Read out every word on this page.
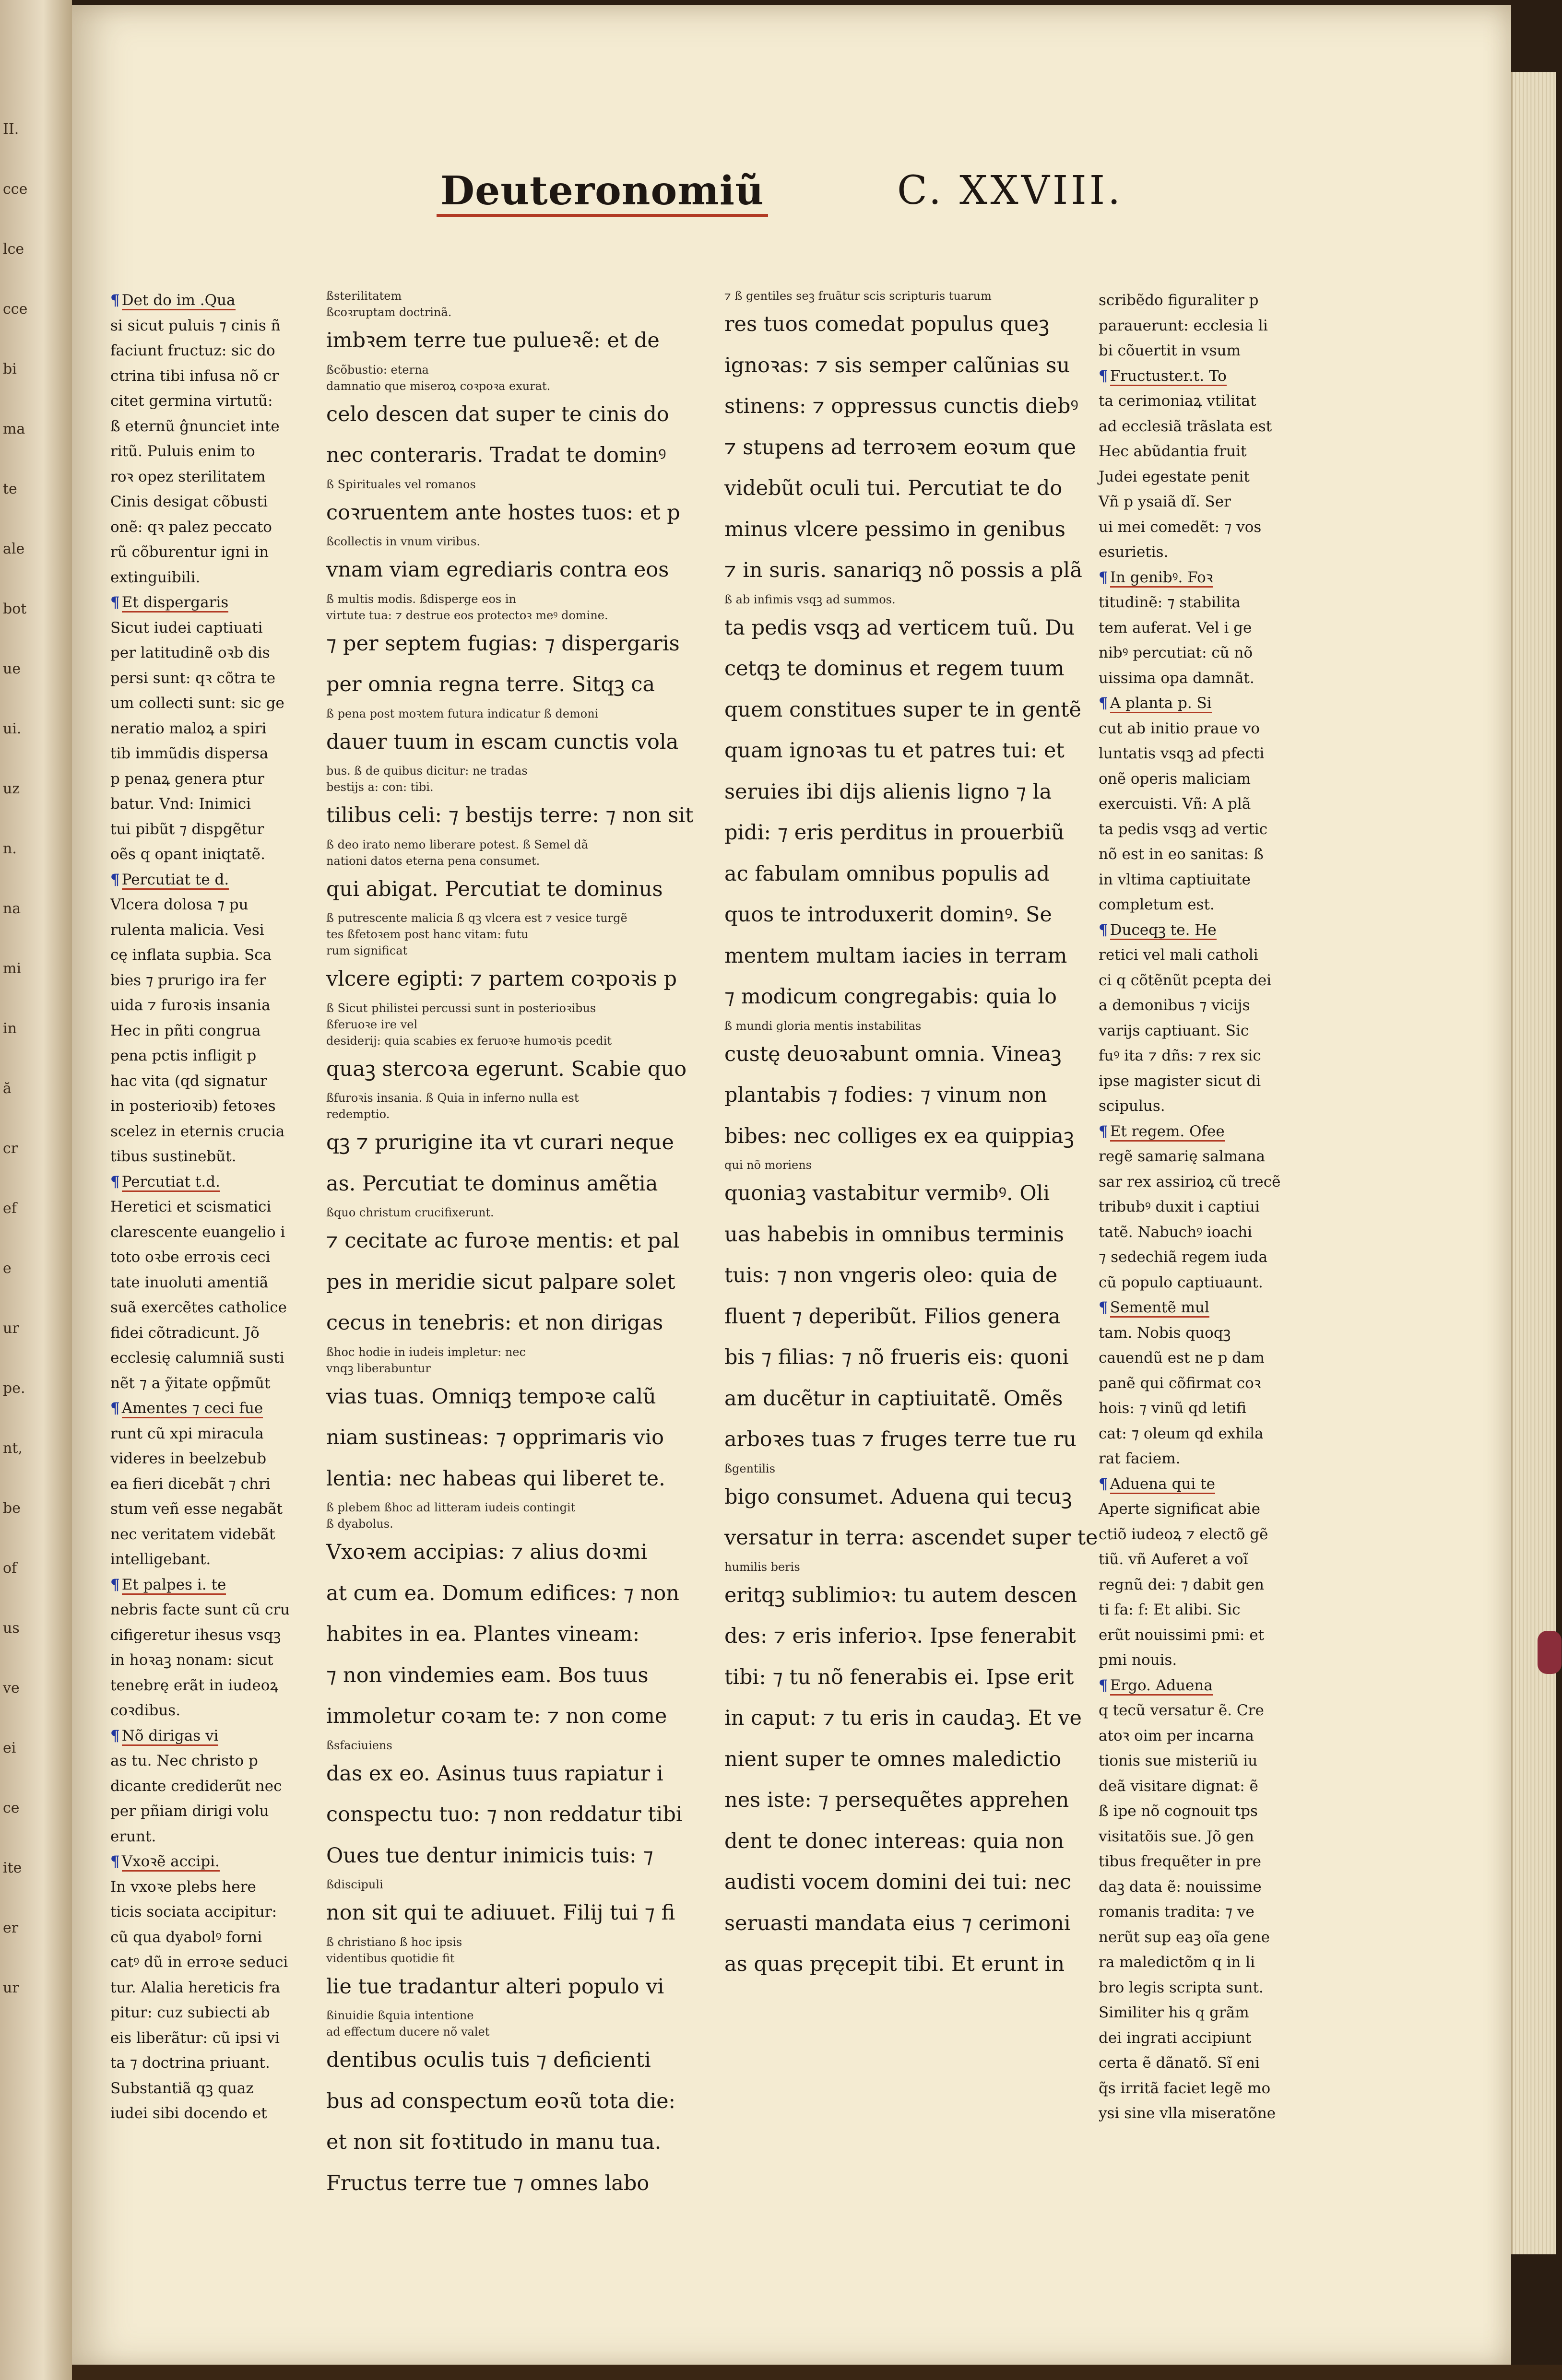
II.
cce
lce
cce
bi
ma
te
ale
bot
ue
ui.
uz
n.
na
mi
in
ă
cr
ef
e
ur
pe.
nt,
be
of
us
ve
ei
ce
ite
er
ur
Deuteronomiũ	C. XXVIII.
¶ Det do im .Qua
si sicut puluis ⁊ cinis ñ
faciunt fructuz: sic do
ctrina tibi infusa nõ cr
citet germina virtutũ:
ß eternũ ĝnunciet inte
ritũ. Puluis enim to
roꝛ opez sterilitatem
Cinis desigat cõbusti
onẽ: qꝛ palez peccato
rũ cõburentur igni in
extinguibili.
¶ Et dispergaris
Sicut iudei captiuati
per latitudinẽ oꝛb dis
persi sunt: qꝛ cõtra te
um collecti sunt: sic ge
neratio maloꝝ a spiri
tib immũdis dispersa
p penaꝝ genera ptur
batur. Vnd: Inimici
tui pibũt ⁊ dispgẽtur
oẽs q opant iniqtatẽ.
¶ Percutiat te d.
Vlcera dolosa ⁊ pu
rulenta malicia. Vesi
cę inflata supbia. Sca
bies ⁊ prurigo ira fer
uida ⁊ furoꝛis insania
Hec in pñti congrua
pena pctis infligit p
hac vita (qd signatur
in posterioꝛib) fetoꝛes
scelez in eternis crucia
tibus sustinebũt.
¶ Percutiat t.d.
Heretici et scismatici
clarescente euangelio i
toto oꝛbe erroꝛis ceci
tate inuoluti amentiã
suã exercẽtes catholice
fidei cõtradicunt. Jõ
ecclesię calumniã susti
nẽt ⁊ a ỹitate opp̃mũt
¶ Amentes ⁊ ceci fue
runt cũ xpi miracula
videres in beelzebub
ea fieri dicebãt ⁊ chri
stum veñ esse negabãt
nec veritatem videbãt
intelligebant.
¶ Et palpes i. te
nebris facte sunt cũ cru
cifigeretur ihesus vsqꝫ
in hoꝛaꝫ nonam: sicut
tenebrę erãt in iudeoꝝ
coꝛdibus.
¶ Nõ dirigas vi
as tu. Nec christo p
dicante crediderũt nec
per pñiam dirigi volu
erunt.
¶ Vxoꝛẽ accipi.
In vxoꝛe plebs here
ticis sociata accipitur:
cũ qua dyabolꝰ forni
catꝰ dũ in erroꝛe seduci
tur. Alalia hereticis fra
pitur: cuz subiecti ab
eis liberãtur: cũ ipsi vi
ta ⁊ doctrina priuant.
Substantiã qꝫ quaz
iudei sibi docendo et
ßsterilitatem
ßcoꝛruptam doctrinã.
imbꝛem terre tue pulueꝛẽ: et de
ßcõbustio: eterna
damnatio que miseroꝝ coꝛpoꝛa exurat.
celo descen dat super te cinis do
nec conteraris. Tradat te dominꝰ
ß Spirituales vel romanos
coꝛruentem ante hostes tuos: et p
ßcollectis in vnum viribus.
vnam viam egrediaris contra eos
ß multis modis. ßdisperge eos in
virtute tua: ⁊ destrue eos protectoꝛ meꝰ domine.
⁊ per septem fugias: ⁊ dispergaris
per omnia regna terre. Sitqꝫ ca
ß pena post moꝛtem futura indicatur ß demoni
dauer tuum in escam cunctis vola
bus. ß de quibus dicitur: ne tradas
bestijs a: con: tibi.
tilibus celi: ⁊ bestijs terre: ⁊ non sit
ß deo irato nemo liberare potest. ß Semel dã
nationi datos eterna pena consumet.
qui abigat. Percutiat te dominus
ß putrescente malicia ß qꝫ vlcera est ⁊ vesice turgẽ
tes ßfetoꝛem post hanc vitam: futu
rum significat
vlcere egipti: ⁊ partem coꝛpoꝛis p
ß Sicut philistei percussi sunt in posterioꝛibus
ßferuoꝛe ire vel
desiderij: quia scabies ex feruoꝛe humoꝛis pcedit
quaꝫ stercoꝛa egerunt. Scabie quo
ßfuroꝛis insania. ß Quia in inferno nulla est
redemptio.
qꝫ ⁊ prurigine ita vt curari neque
as. Percutiat te dominus amẽtia
ßquo christum crucifixerunt.
⁊ cecitate ac furoꝛe mentis: et pal
pes in meridie sicut palpare solet
cecus in tenebris: et non dirigas
ßhoc hodie in iudeis impletur: nec
vnqꝫ liberabuntur
vias tuas. Omniqꝫ tempoꝛe calũ
niam sustineas: ⁊ opprimaris vio
lentia: nec habeas qui liberet te.
ß plebem ßhoc ad litteram iudeis contingit
ß dyabolus.
Vxoꝛem accipias: ⁊ alius doꝛmi
at cum ea. Domum edifices: ⁊ non
habites in ea. Plantes vineam:
⁊ non vindemies eam. Bos tuus
immoletur coꝛam te: ⁊ non come
ßsfaciuiens
das ex eo. Asinus tuus rapiatur i
conspectu tuo: ⁊ non reddatur tibi
Oues tue dentur inimicis tuis: ⁊
ßdiscipuli
non sit qui te adiuuet. Filij tui ⁊ fi
ß christiano ß hoc ipsis
videntibus quotidie fit
lie tue tradantur alteri populo vi
ßinuidie ßquia intentione
ad effectum ducere nõ valet
dentibus oculis tuis ⁊ deficienti
bus ad conspectum eoꝛũ tota die:
et non sit foꝛtitudo in manu tua.
Fructus terre tue ⁊ omnes labo
⁊ ß gentiles seꝫ fruãtur scis scripturis tuarum
res tuos comedat populus queꝫ
ignoꝛas: ⁊ sis semper calũnias su
stinens: ⁊ oppressus cunctis diebꝰ
⁊ stupens ad terroꝛem eoꝛum que
videbũt oculi tui. Percutiat te do
minus vlcere pessimo in genibus
⁊ in suris. sanariqꝫ nõ possis a plã
ß ab infimis vsqꝫ ad summos.
ta pedis vsqꝫ ad verticem tuũ. Du
cetqꝫ te dominus et regem tuum
quem constitues super te in gentẽ
quam ignoꝛas tu et patres tui: et
seruies ibi dijs alienis ligno ⁊ la
pidi: ⁊ eris perditus in prouerbiũ
ac fabulam omnibus populis ad
quos te introduxerit dominꝰ. Se
mentem multam iacies in terram
⁊ modicum congregabis: quia lo
ß mundi gloria mentis instabilitas
custę deuoꝛabunt omnia. Vineaꝫ
plantabis ⁊ fodies: ⁊ vinum non
bibes: nec colliges ex ea quippiaꝫ
qui nõ moriens
quoniaꝫ vastabitur vermibꝰ. Oli
uas habebis in omnibus terminis
tuis: ⁊ non vngeris oleo: quia de
fluent ⁊ deperibũt. Filios genera
bis ⁊ filias: ⁊ nõ frueris eis: quoni
am ducẽtur in captiuitatẽ. Omẽs
arboꝛes tuas ⁊ fruges terre tue ru
ßgentilis
bigo consumet. Aduena qui tecuꝫ
versatur in terra: ascendet super te
humilis beris
eritqꝫ sublimioꝛ: tu autem descen
des: ⁊ eris inferioꝛ. Ipse fenerabit
tibi: ⁊ tu nõ fenerabis ei. Ipse erit
in caput: ⁊ tu eris in caudaꝫ. Et ve
nient super te omnes maledictio
nes iste: ⁊ persequẽtes apprehen
dent te donec intereas: quia non
audisti vocem domini dei tui: nec
seruasti mandata eius ⁊ cerimoni
as quas pręcepit tibi. Et erunt in
scribẽdo figuraliter p
parauerunt: ecclesia li
bi cõuertit in vsum
¶ Fructuster.t. To
ta cerimoniaꝝ vtilitat
ad ecclesiã trãslata est
Hec abũdantia fruit
Judei egestate penit
Vñ p ysaiã dĩ. Ser
ui mei comedẽt: ⁊ vos
esurietis.
¶ In genibꝰ. Foꝛ
titudinẽ: ⁊ stabilita
tem auferat. Vel i ge
nibꝰ percutiat: cũ nõ
uissima opa damnãt.
¶ A planta p. Si
cut ab initio praue vo
luntatis vsqꝫ ad pfecti
onẽ operis maliciam
exercuisti. Vñ: A plã
ta pedis vsqꝫ ad vertic
nõ est in eo sanitas: ß
in vltima captiuitate
completum est.
¶ Duceqꝫ te. He
retici vel mali catholi
ci q cõtẽnũt pcepta dei
a demonibus ⁊ vicijs
varijs captiuant. Sic
fuꝰ ita ⁊ dñs: ⁊ rex sic
ipse magister sicut di
scipulus.
¶ Et regem. Ofee
regẽ samarię salmana
sar rex assirioꝝ cũ trecẽ
tribubꝰ duxit i captiui
tatẽ. Nabuchꝰ ioachi
⁊ sedechiã regem iuda
cũ populo captiuaunt.
¶ Sementẽ mul
tam. Nobis quoqꝫ
cauendũ est ne p dam
panẽ qui cõfirmat coꝛ
hois: ⁊ vinũ qd letifi
cat: ⁊ oleum qd exhila
rat faciem.
¶ Aduena qui te
Aperte significat abie
ctiõ iudeoꝝ ⁊ electõ gẽ
tiũ. vñ Auferet a voĩ
regnũ dei: ⁊ dabit gen
ti fa: f: Et alibi. Sic
erũt nouissimi pmi: et
pmi nouis.
¶ Ergo. Aduena
q tecũ versatur ẽ. Cre
atoꝛ oim per incarna
tionis sue misteriũ iu
deã visitare dignat: ẽ
ß ipe nõ cognouit tps
visitatõis sue. Jõ gen
tibus frequẽter in pre
daꝫ data ẽ: nouissime
romanis tradita: ⁊ ve
nerũt sup eaꝫ oĩa gene
ra maledictõm q in li
bro legis scripta sunt.
Similiter his q grãm
dei ingrati accipiunt
certa ẽ dãnatõ. Sĩ eni
q̃s irritã faciet legẽ mo
ysi sine vlla miseratõne
